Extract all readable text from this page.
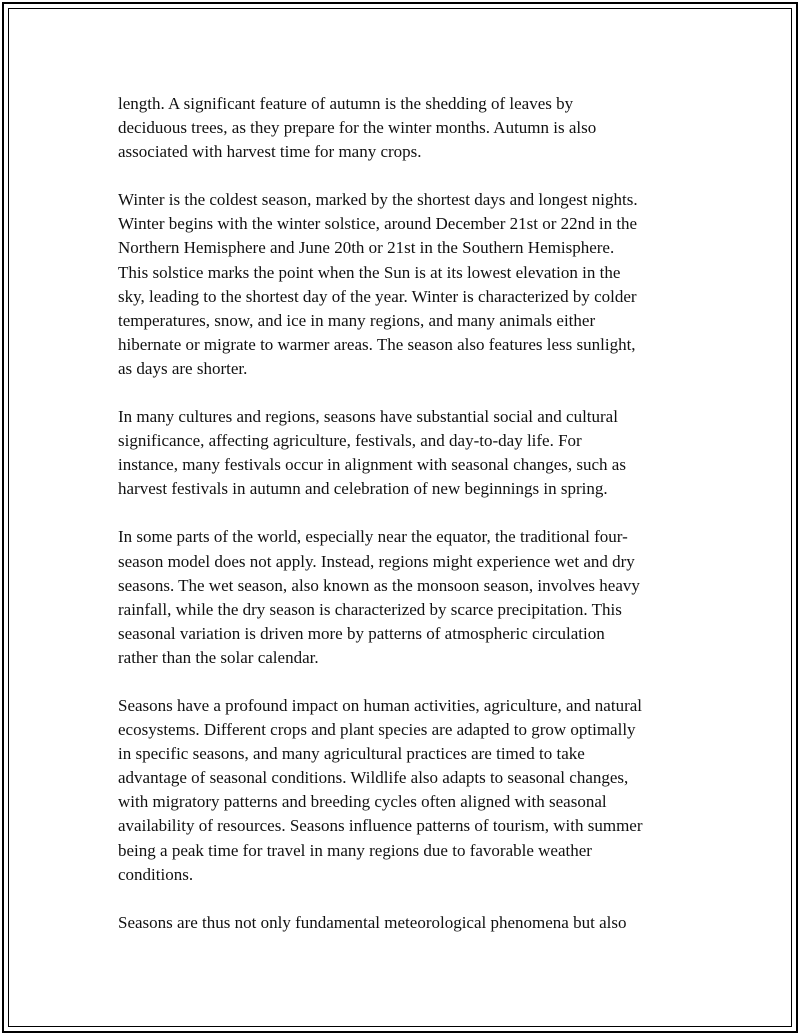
length. A significant feature of autumn is the shedding of leaves by
deciduous trees, as they prepare for the winter months. Autumn is also
associated with harvest time for many crops.

Winter is the coldest season, marked by the shortest days and longest nights.
Winter begins with the winter solstice, around December 21st or 22nd in the
Northern Hemisphere and June 20th or 21st in the Southern Hemisphere.
This solstice marks the point when the Sun is at its lowest elevation in the
sky, leading to the shortest day of the year. Winter is characterized by colder
temperatures, snow, and ice in many regions, and many animals either
hibernate or migrate to warmer areas. The season also features less sunlight,
as days are shorter.

In many cultures and regions, seasons have substantial social and cultural
significance, affecting agriculture, festivals, and day-to-day life. For
instance, many festivals occur in alignment with seasonal changes, such as
harvest festivals in autumn and celebration of new beginnings in spring.

In some parts of the world, especially near the equator, the traditional four-
season model does not apply. Instead, regions might experience wet and dry
seasons. The wet season, also known as the monsoon season, involves heavy
rainfall, while the dry season is characterized by scarce precipitation. This
seasonal variation is driven more by patterns of atmospheric circulation
rather than the solar calendar.

Seasons have a profound impact on human activities, agriculture, and natural
ecosystems. Different crops and plant species are adapted to grow optimally
in specific seasons, and many agricultural practices are timed to take
advantage of seasonal conditions. Wildlife also adapts to seasonal changes,
with migratory patterns and breeding cycles often aligned with seasonal
availability of resources. Seasons influence patterns of tourism, with summer
being a peak time for travel in many regions due to favorable weather
conditions.

Seasons are thus not only fundamental meteorological phenomena but also
